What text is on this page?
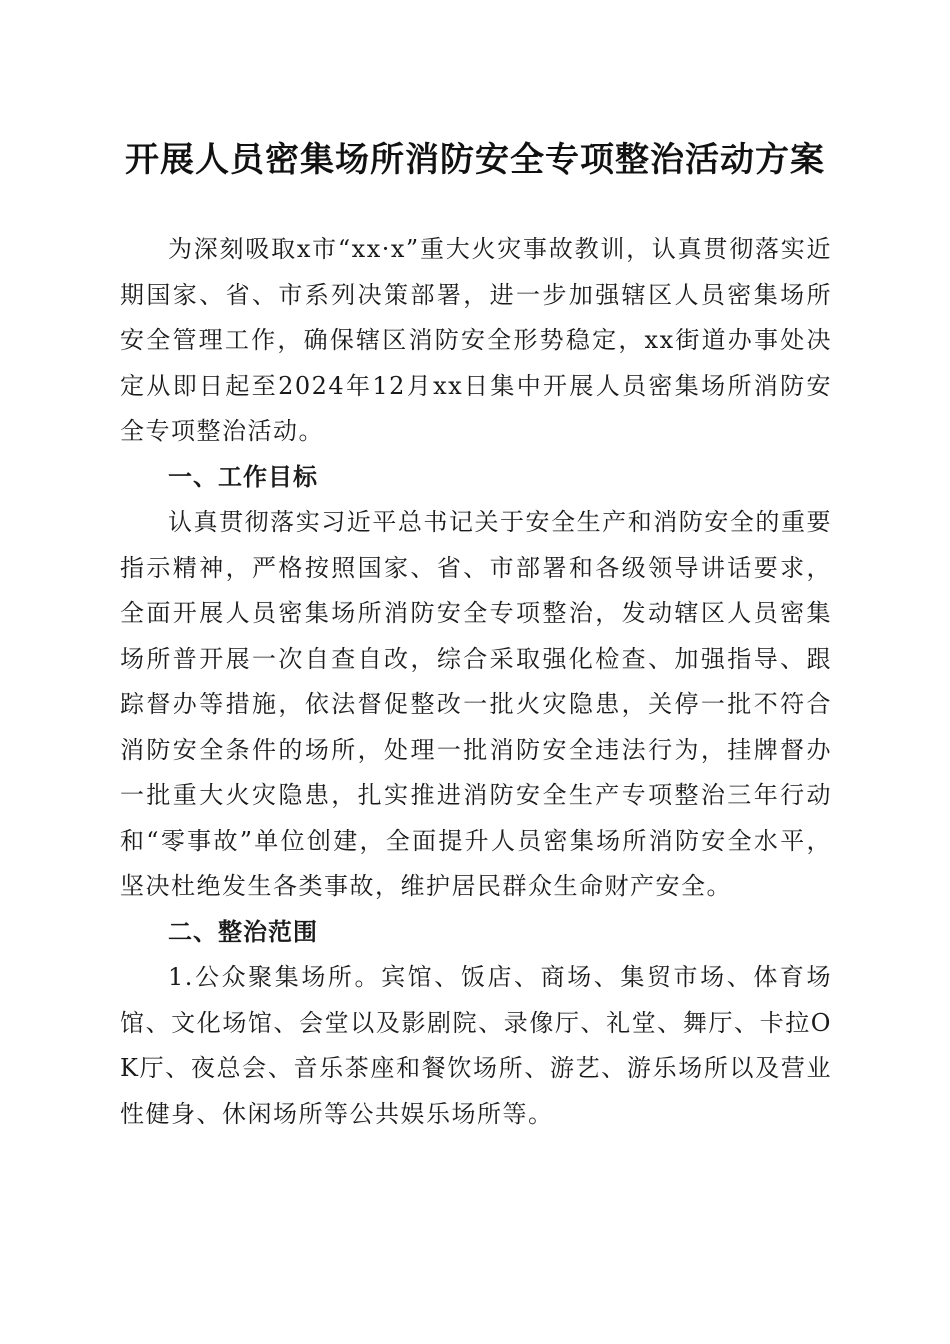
开展人员密集场所消防安全专项整治活动方案

为深刻吸取x市“xx·x”重大火灾事故教训，认真贯彻落实近期国家、省、市系列决策部署，进一步加强辖区人员密集场所安全管理工作，确保辖区消防安全形势稳定，xx街道办事处决定从即日起至2024年12月xx日集中开展人员密集场所消防安全专项整治活动。

一、工作目标

认真贯彻落实习近平总书记关于安全生产和消防安全的重要指示精神，严格按照国家、省、市部署和各级领导讲话要求，全面开展人员密集场所消防安全专项整治，发动辖区人员密集场所普开展一次自查自改，综合采取强化检查、加强指导、跟踪督办等措施，依法督促整改一批火灾隐患，关停一批不符合消防安全条件的场所，处理一批消防安全违法行为，挂牌督办一批重大火灾隐患，扎实推进消防安全生产专项整治三年行动和“零事故”单位创建，全面提升人员密集场所消防安全水平，坚决杜绝发生各类事故，维护居民群众生命财产安全。

二、整治范围

1.公众聚集场所。宾馆、饭店、商场、集贸市场、体育场馆、文化场馆、会堂以及影剧院、录像厅、礼堂、舞厅、卡拉OK厅、夜总会、音乐茶座和餐饮场所、游艺、游乐场所以及营业性健身、休闲场所等公共娱乐场所等。
